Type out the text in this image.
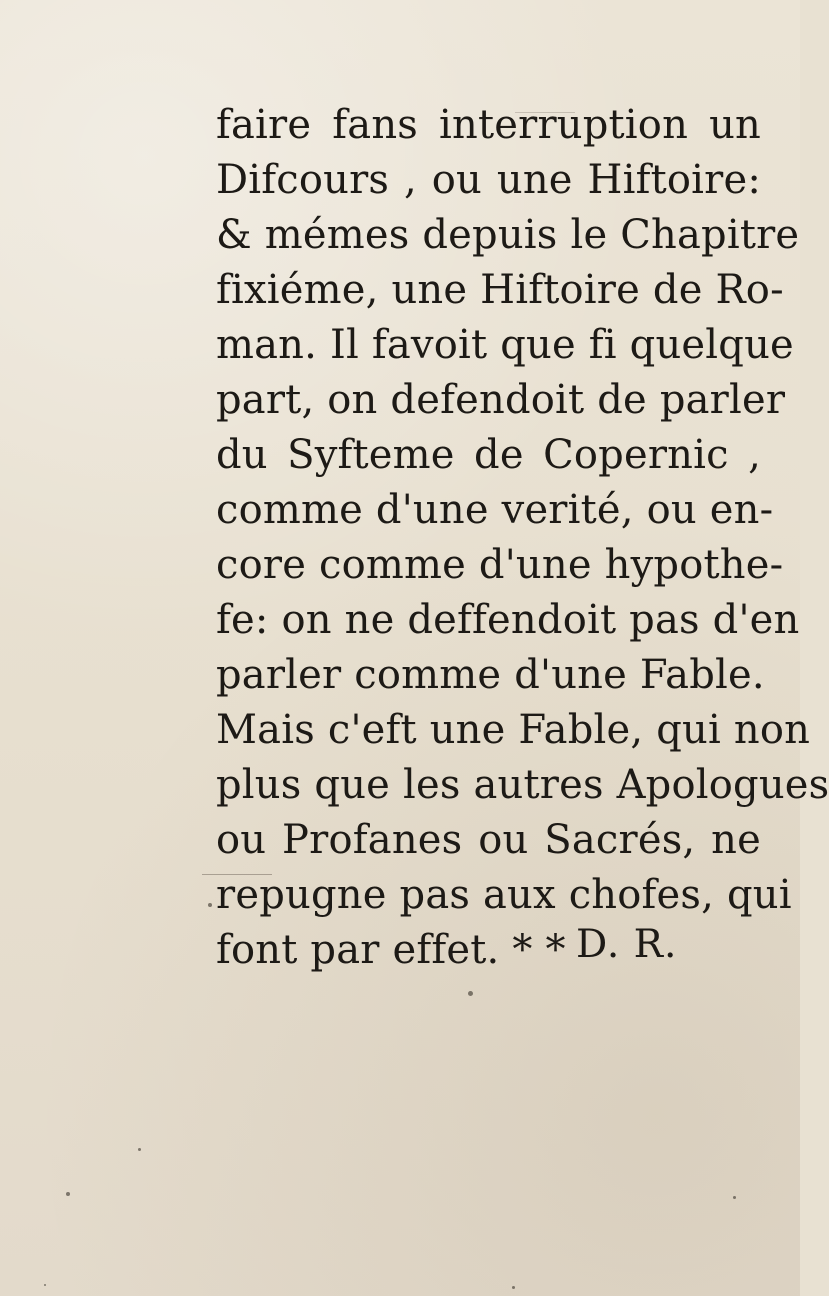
faire fans interruption un
Difcours , ou une Hiftoire:
& mémes depuis le Chapitre
fixiéme, une Hiftoire de Ro-
man. Il favoit que fi quelque
part, on defendoit de parler
du Syfteme de Copernic ,
comme d'une verité, ou en-
core comme d'une hypothe-
fe: on ne deffendoit pas d'en
parler comme d'une Fable.
Mais c'eft une Fable, qui non
plus que les autres Apologues
ou Profanes ou Sacrés, ne
repugne pas aux chofes, qui
font par effet. * * D. R.
